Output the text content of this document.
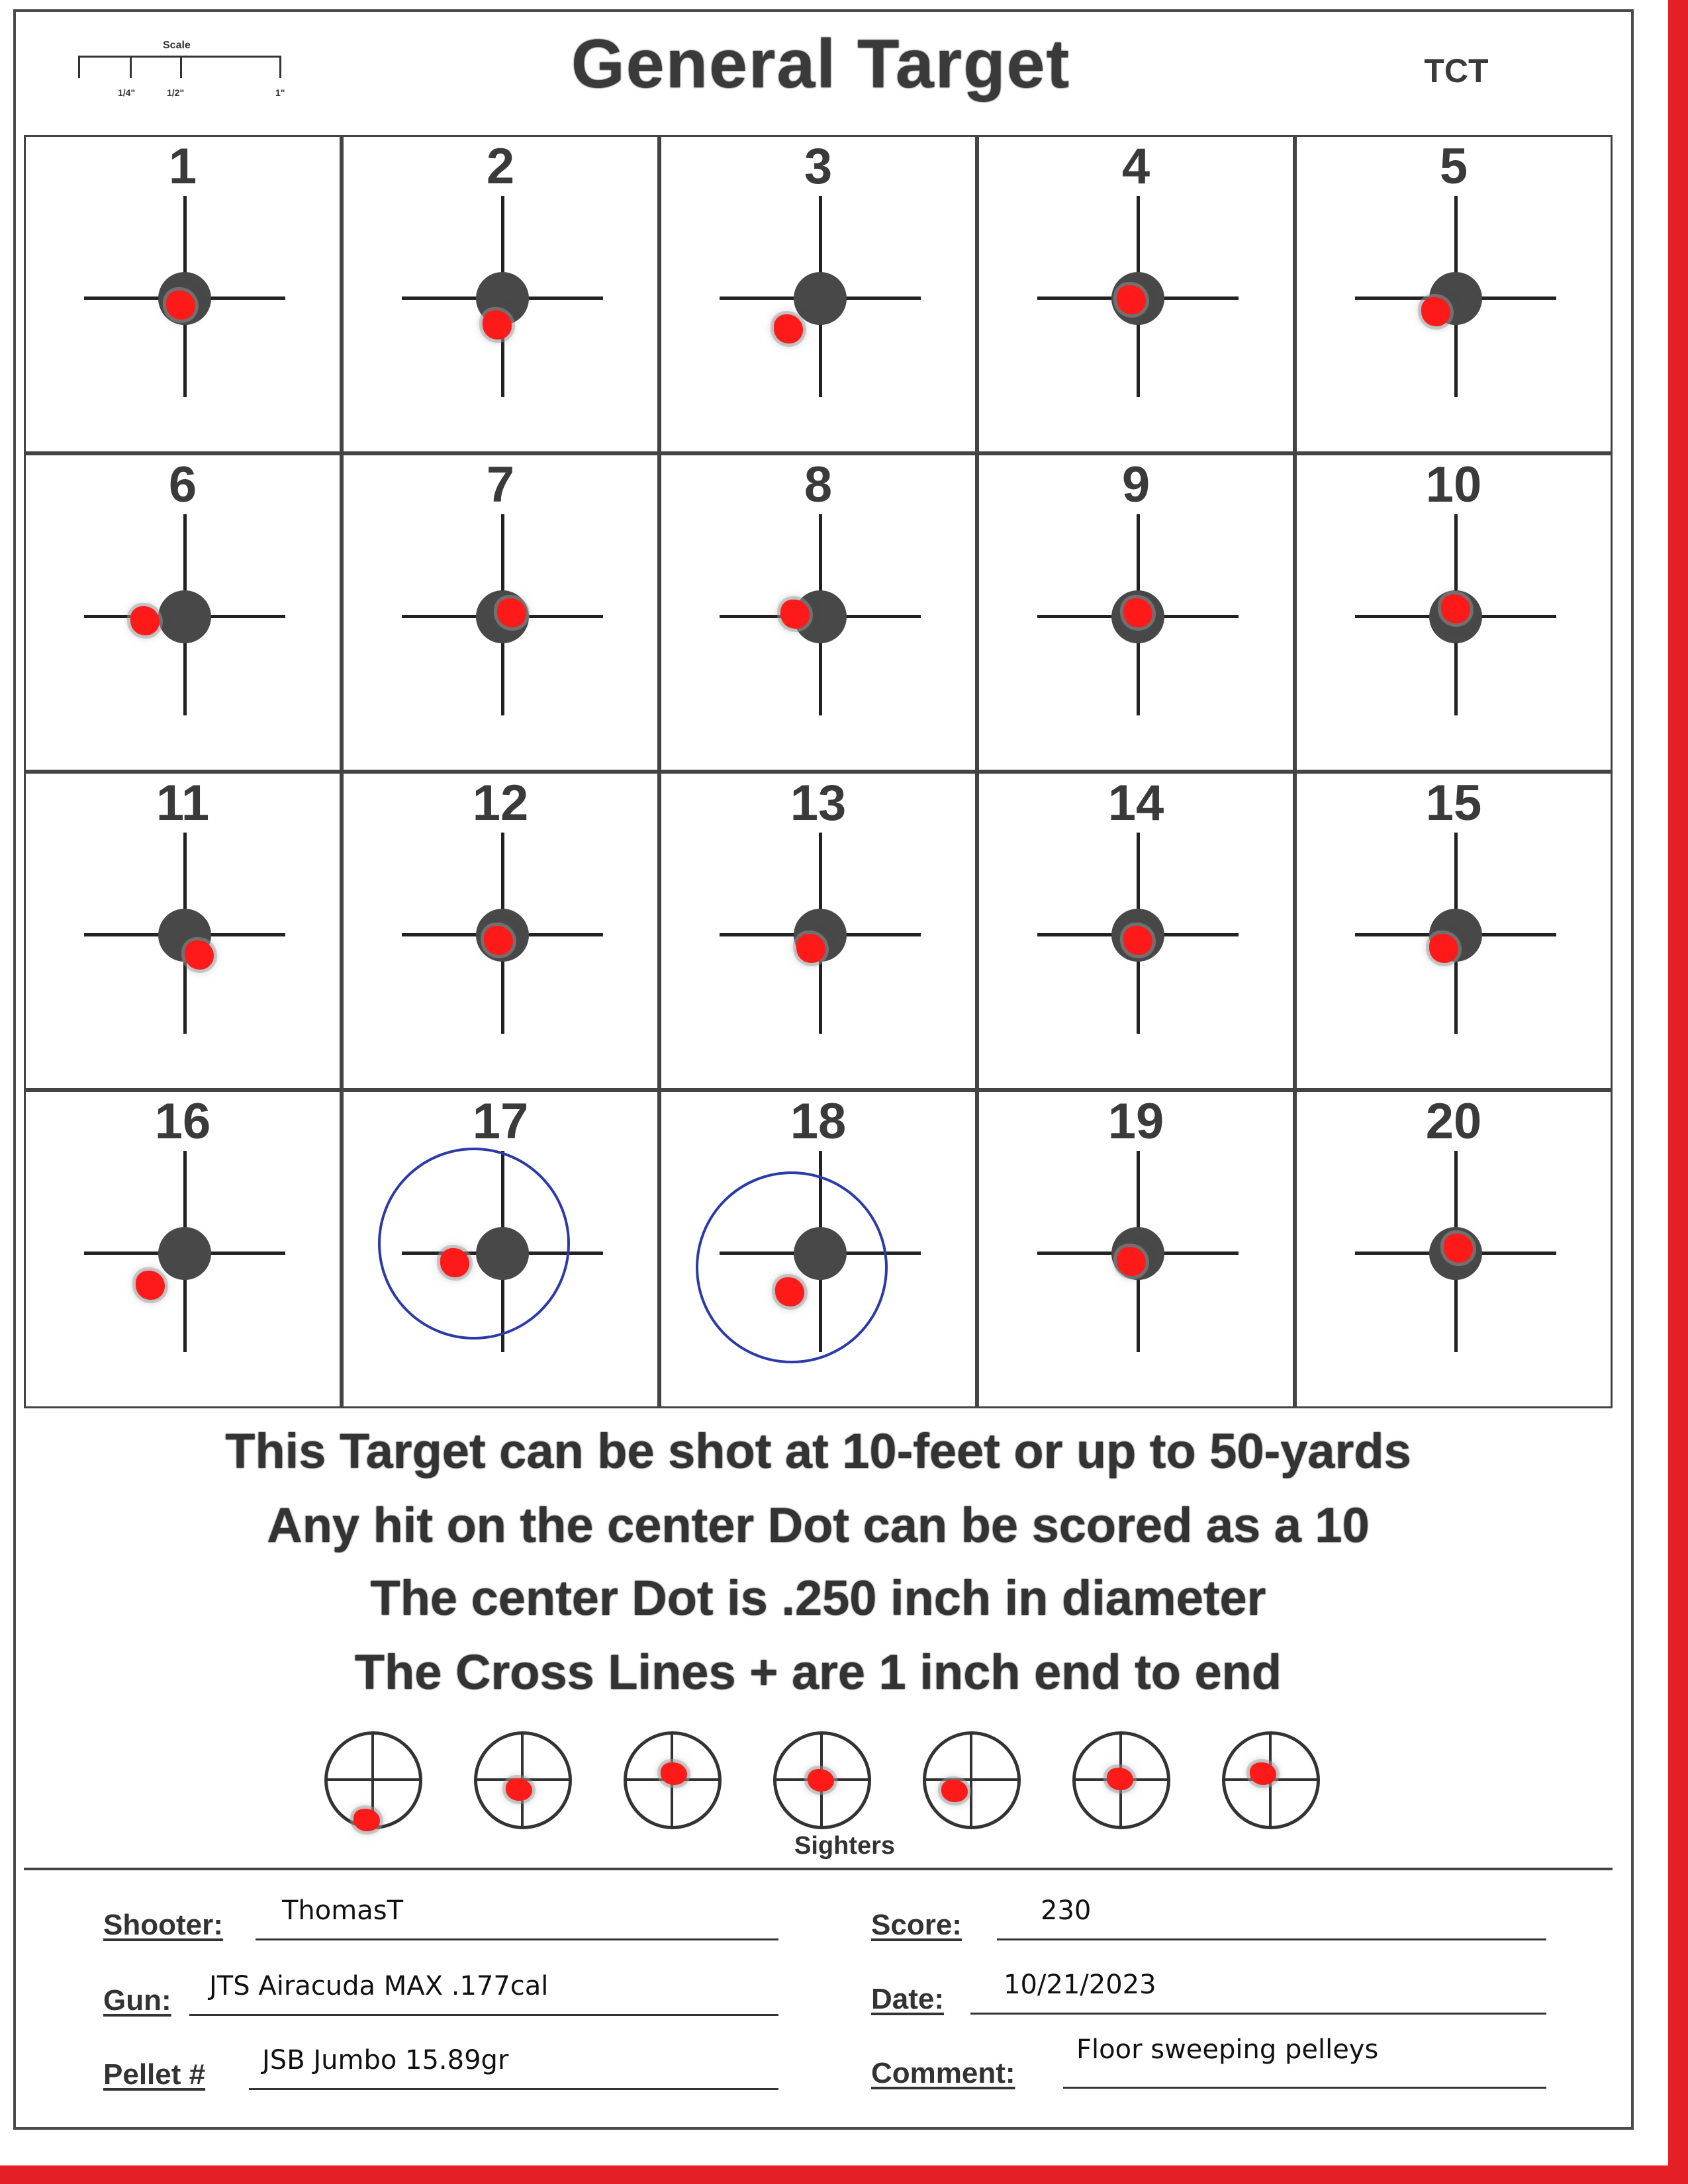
Scale
1/4"	1/2"	1"	General Target	TCT
1	2	3	4	5
6	7	8	9	10
11	12	13	14	15
16	17	18	19	20
This Target can be shot at 10-feet or up to 50-yards
Any hit on the center Dot can be scored as a 10
The center Dot is .250 inch in diameter
The Cross Lines + are 1 inch end to end
Sighters
Shooter: ThomasT
Gun: JTS Airacuda MAX .177cal
Pellet # JSB Jumbo 15.89gr
Score:	230
Date: 10/21/2023
Comment:
Floor sweeping pelleys
